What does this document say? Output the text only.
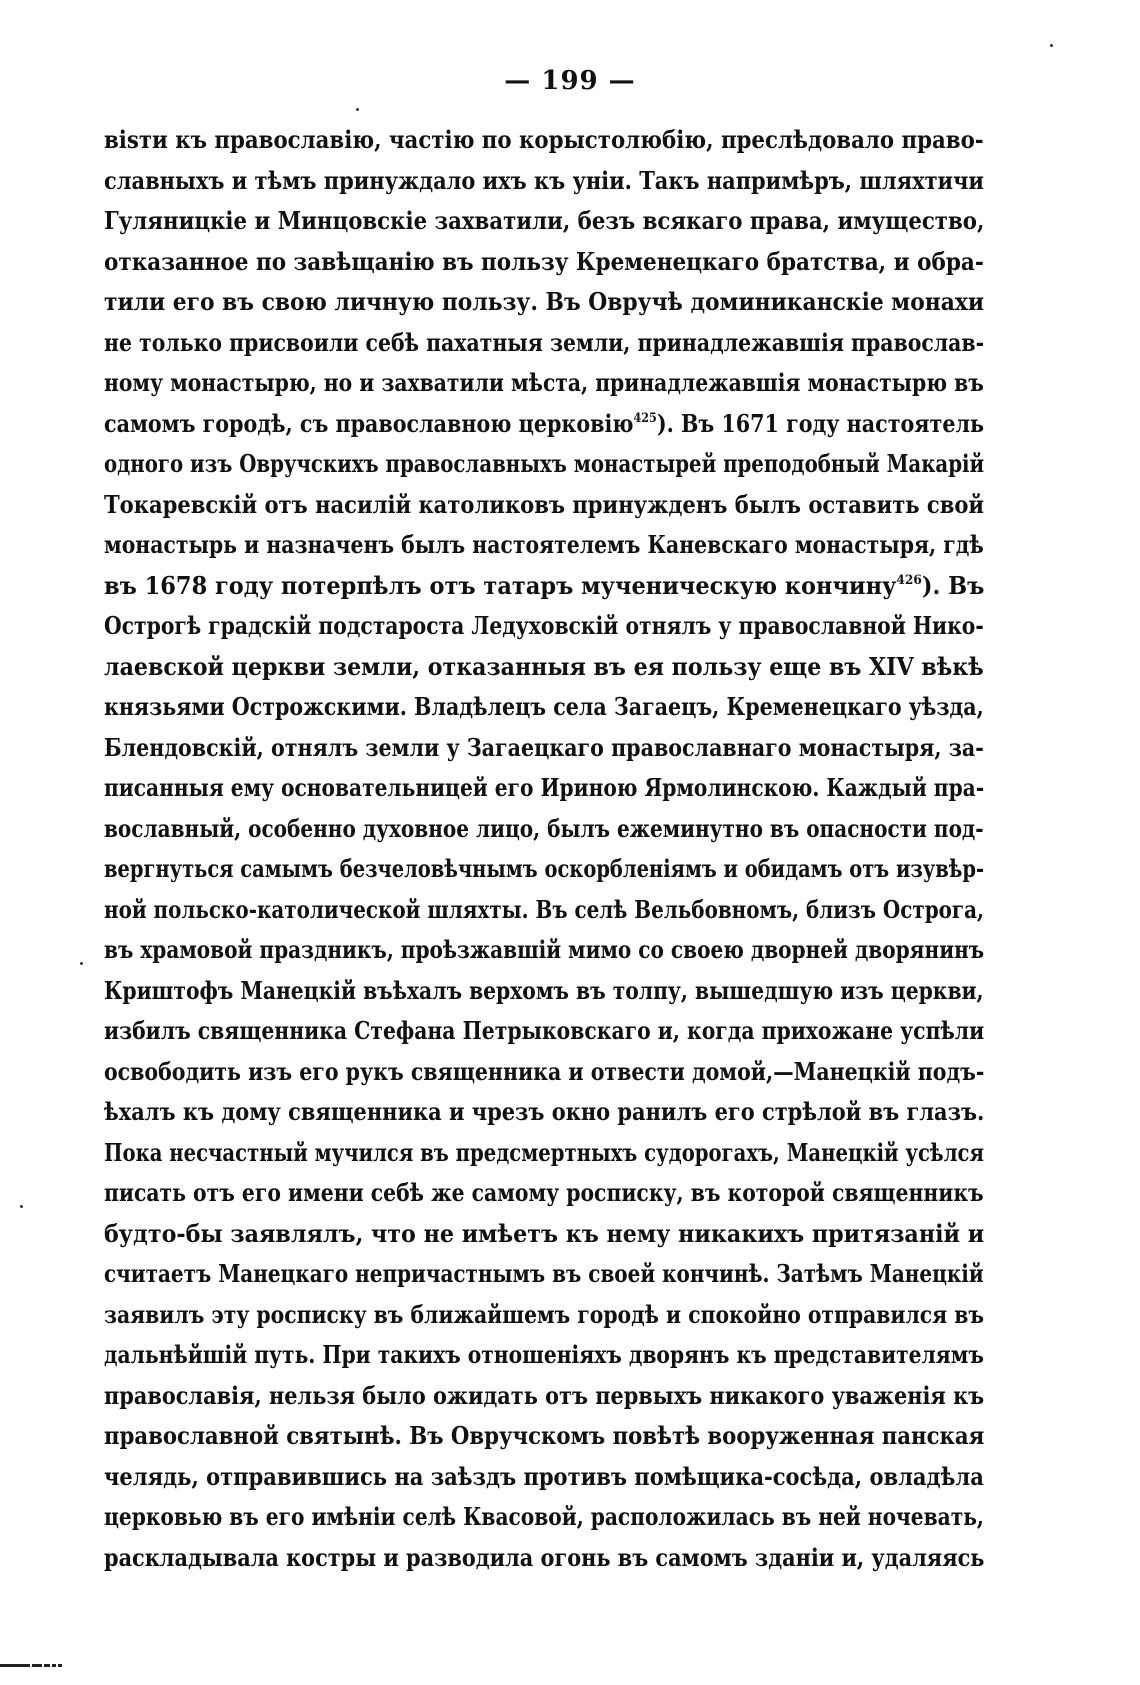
— 199 —
вisти къ православiю, частiю по корыстолюбiю, преслѣдовало право-
славныхъ и тѣмъ принуждало ихъ къ унiи. Такъ напримѣръ, шляхтичи
Гуляницкiе и Минцовскiе захватили, безъ всякаго права, имущество,
отказанное по завѣщанiю въ пользу Кременецкаго братства, и обра-
тили его въ свою личную пользу. Въ Овручѣ доминиканскiе монахи
не только присвоили себѣ пахатныя земли, принадлежавшiя православ-
ному монастырю, но и захватили мѣста, принадлежавшiя монастырю въ
самомъ городѣ, съ православною церковiю$^{425}$). Въ 1671 году настоятель
одного изъ Овручскихъ православныхъ монастырей преподобный Макарiй
Токаревскiй отъ насилiй католиковъ принужденъ былъ оставить свой
монастырь и назначенъ былъ настоятелемъ Каневскаго монастыря, гдѣ
въ 1678 году потерпѣлъ отъ татаръ мученическую кончину$^{426}$). Въ
Острогѣ градскiй подстароста Ледуховскiй отнялъ у православной Нико-
лаевской церкви земли, отказанныя въ ея пользу еще въ XIV вѣкѣ
князьями Острожскими. Владѣлецъ села Загаецъ, Кременецкаго уѣзда,
Блендовскiй, отнялъ земли у Загаецкаго православнаго монастыря, за-
писанныя ему основательницей его Ириною Ярмолинскою. Каждый пра-
вославный, особенно духовное лицо, былъ ежеминутно въ опасности под-
вергнуться самымъ безчеловѣчнымъ оскорбленiямъ и обидамъ отъ изувѣр-
ной польско-католической шляхты. Въ селѣ Вельбовномъ, близъ Острога,
въ храмовой праздникъ, проѣзжавшiй мимо со своею дворней дворянинъ
Криштофъ Манецкiй въѣхалъ верхомъ въ толпу, вышедшую изъ церкви,
избилъ священника Стефана Петрыковскаго и, когда прихожане успѣли
освободить изъ его рукъ священника и отвести домой,—Манецкiй подъ-
ѣхалъ къ дому священника и чрезъ окно ранилъ его стрѣлой въ глазъ.
Пока несчастный мучился въ предсмертныхъ судорогахъ, Манецкiй усѣлся
писать отъ его имени себѣ же самому росписку, въ которой священникъ
будто-бы заявлялъ, что не имѣетъ къ нему никакихъ притязанiй и
считаетъ Манецкаго непричастнымъ въ своей кончинѣ. Затѣмъ Манецкiй
заявилъ эту росписку въ ближайшемъ городѣ и спокойно отправился въ
дальнѣйшiй путь. При такихъ отношенiяхъ дворянъ къ представителямъ
православiя, нельзя было ожидать отъ первыхъ никакого уваженiя къ
православной святынѣ. Въ Овручскомъ повѣтѣ вооруженная панская
челядь, отправившись на заѣздъ противъ помѣщика-сосѣда, овладѣла
церковью въ его имѣнiи селѣ Квасовой, расположилась въ ней ночевать,
раскладывала костры и разводила огонь въ самомъ зданiи и, удаляясь
